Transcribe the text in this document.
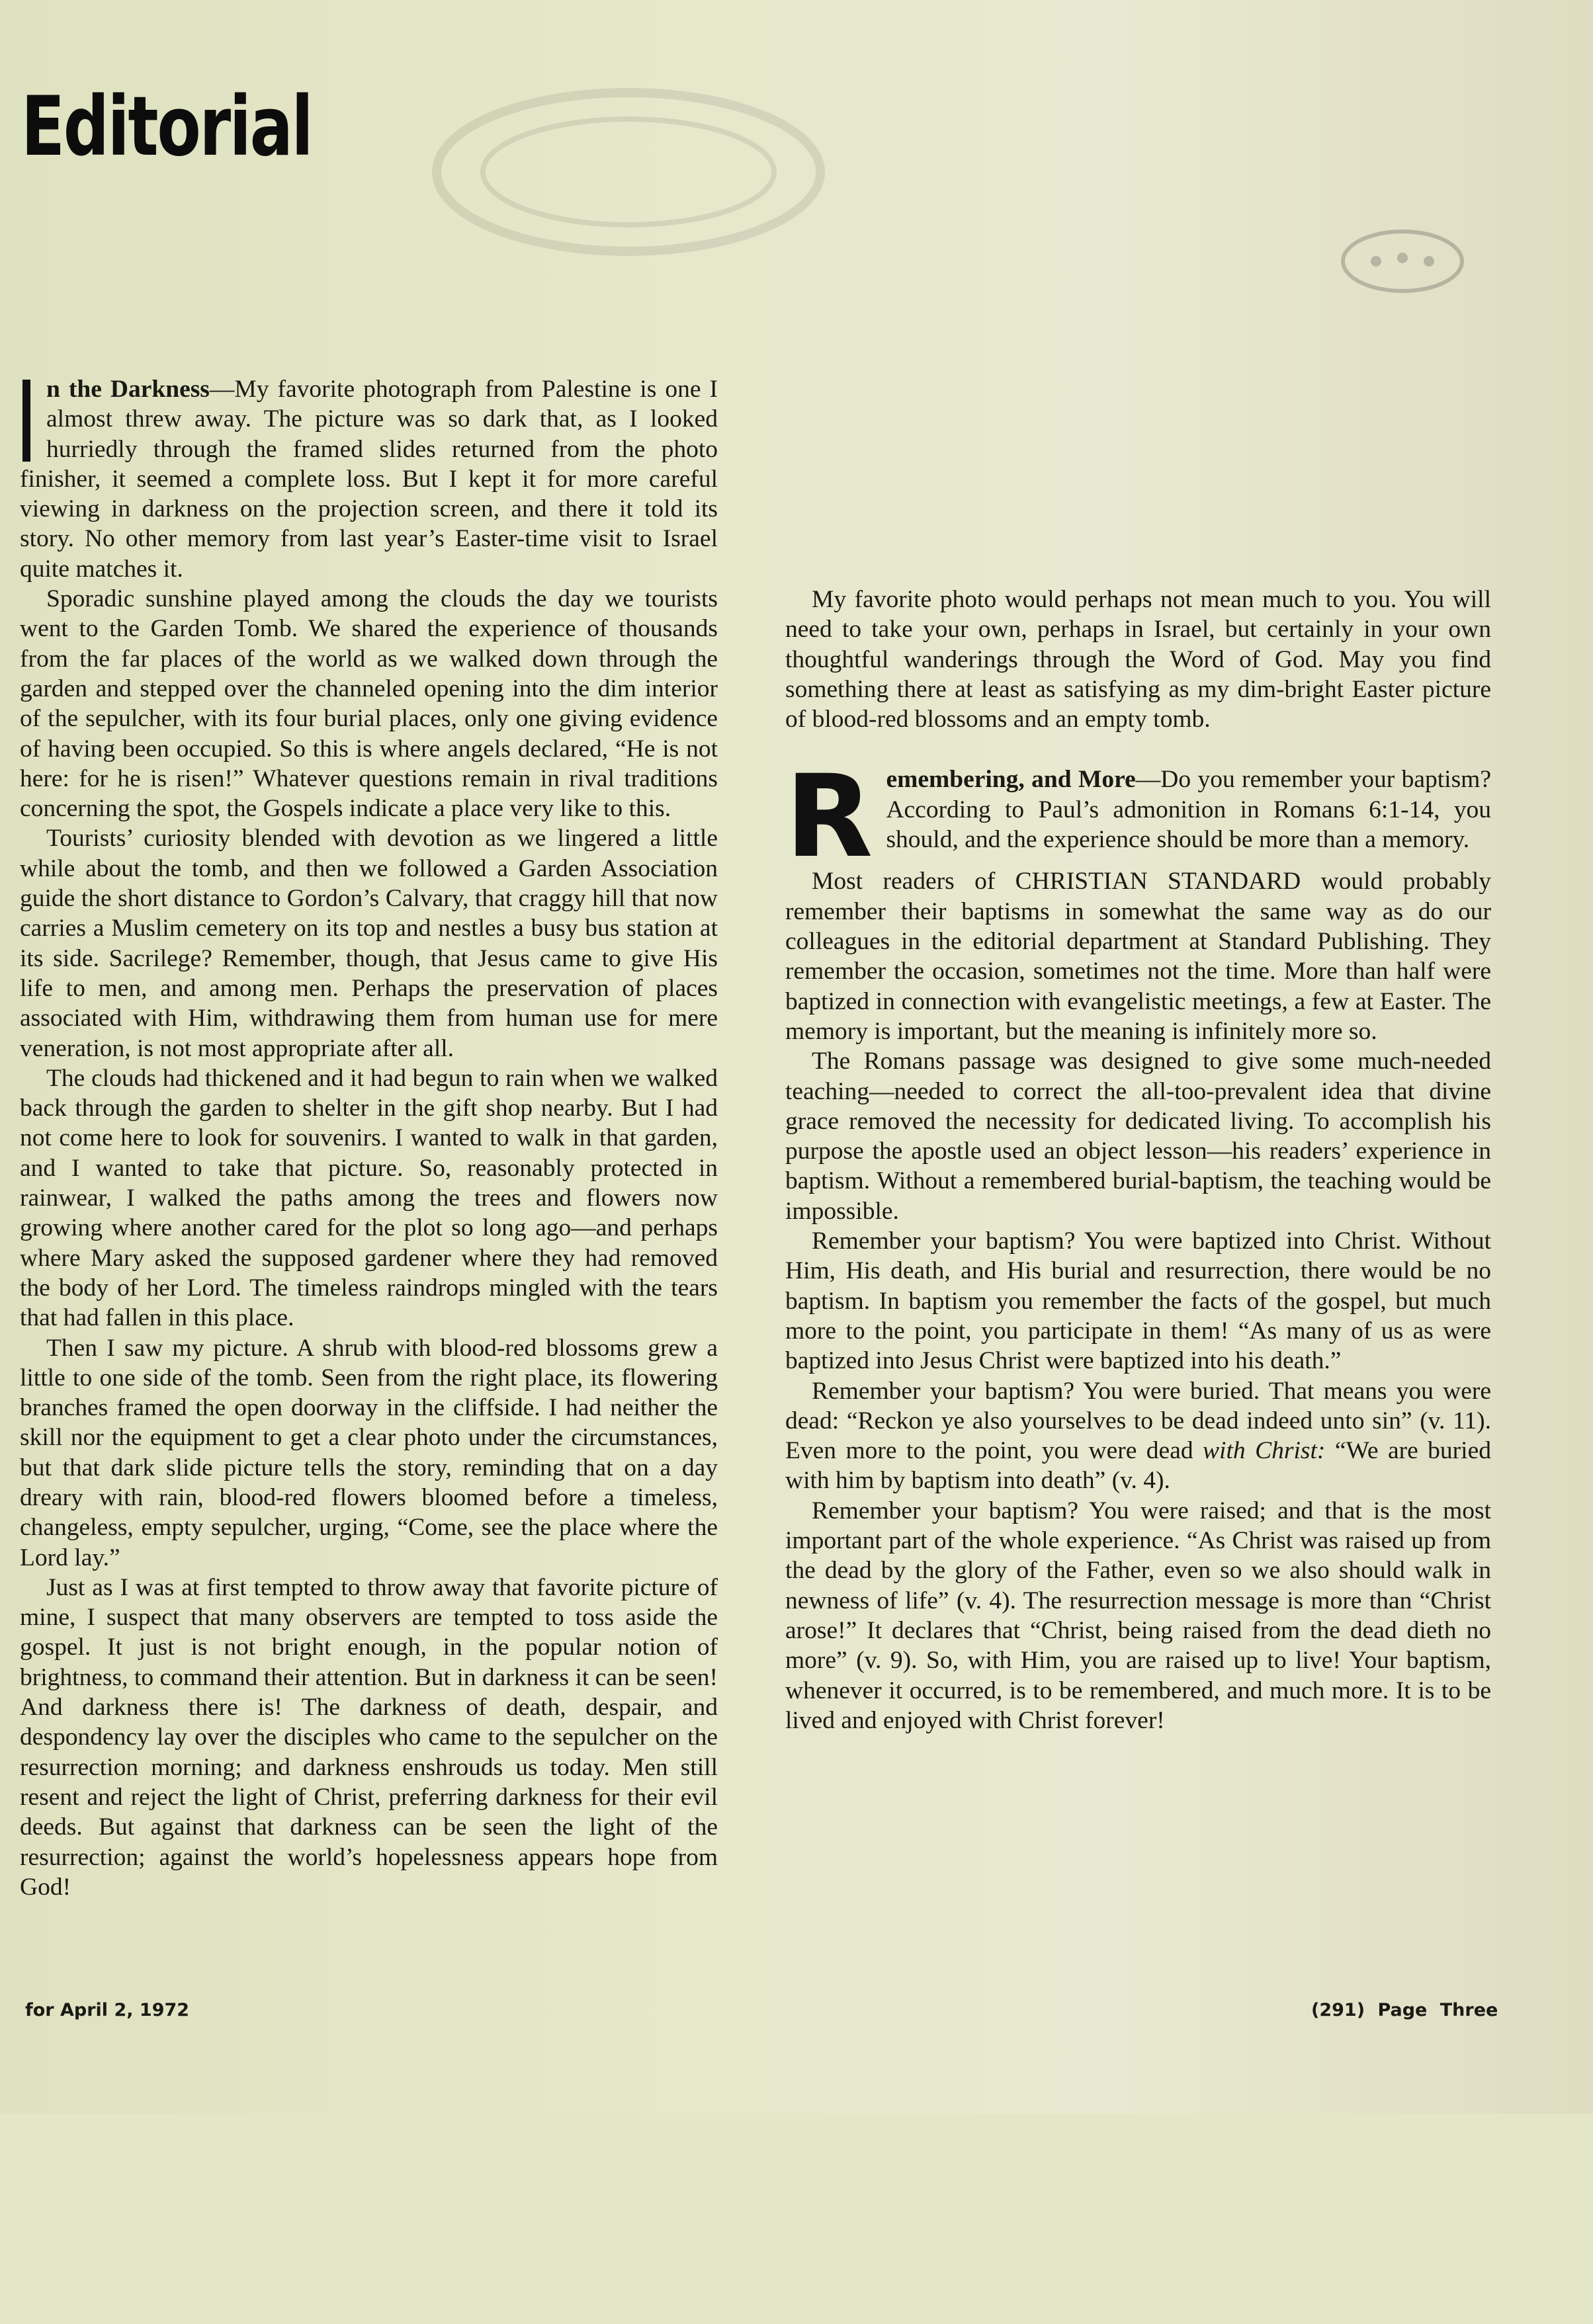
Editorial

n the Darkness—My favorite photograph from Palestine is one I almost threw away. The picture was so dark that, as I looked hurriedly through the framed slides returned from the photo finisher, it seemed a complete loss. But I kept it for more careful viewing in darkness on the projection screen, and there it told its story. No other memory from last year’s Easter-time visit to Israel quite matches it.

Sporadic sunshine played among the clouds the day we tourists went to the Garden Tomb. We shared the experience of thousands from the far places of the world as we walked down through the garden and stepped over the channeled opening into the dim interior of the sepulcher, with its four burial places, only one giving evidence of having been occupied. So this is where angels declared, “He is not here: for he is risen!” Whatever questions remain in rival traditions concerning the spot, the Gospels indicate a place very like to this.

Tourists’ curiosity blended with devotion as we lingered a little while about the tomb, and then we followed a Garden Association guide the short distance to Gordon’s Calvary, that craggy hill that now carries a Muslim cemetery on its top and nestles a busy bus station at its side. Sacrilege? Remember, though, that Jesus came to give His life to men, and among men. Perhaps the preservation of places associated with Him, withdrawing them from human use for mere veneration, is not most appropriate after all.

The clouds had thickened and it had begun to rain when we walked back through the garden to shelter in the gift shop nearby. But I had not come here to look for souvenirs. I wanted to walk in that garden, and I wanted to take that picture. So, reasonably protected in rainwear, I walked the paths among the trees and flowers now growing where another cared for the plot so long ago—and perhaps where Mary asked the supposed gardener where they had removed the body of her Lord. The timeless raindrops mingled with the tears that had fallen in this place.

Then I saw my picture. A shrub with blood-red blossoms grew a little to one side of the tomb. Seen from the right place, its flowering branches framed the open doorway in the cliffside. I had neither the skill nor the equipment to get a clear photo under the circumstances, but that dark slide picture tells the story, reminding that on a day dreary with rain, blood-red flowers bloomed before a timeless, changeless, empty sepulcher, urging, “Come, see the place where the Lord lay.”

Just as I was at first tempted to throw away that favorite picture of mine, I suspect that many observers are tempted to toss aside the gospel. It just is not bright enough, in the popular notion of brightness, to command their attention. But in darkness it can be seen! And darkness there is! The darkness of death, despair, and despondency lay over the disciples who came to the sepulcher on the resurrection morning; and darkness enshrouds us today. Men still resent and reject the light of Christ, preferring darkness for their evil deeds. But against that darkness can be seen the light of the resurrection; against the world’s hopelessness appears hope from God!

My favorite photo would perhaps not mean much to you. You will need to take your own, perhaps in Israel, but certainly in your own thoughtful wanderings through the Word of God. May you find something there at least as satisfying as my dim-bright Easter picture of blood-red blossoms and an empty tomb.

Remembering, and More—Do you remember your baptism? According to Paul’s admonition in Romans 6:1-14, you should, and the experience should be more than a memory.

Most readers of CHRISTIAN STANDARD would probably remember their baptisms in somewhat the same way as do our colleagues in the editorial department at Standard Publishing. They remember the occasion, sometimes not the time. More than half were baptized in connection with evangelistic meetings, a few at Easter. The memory is important, but the meaning is infinitely more so.

The Romans passage was designed to give some much-needed teaching—needed to correct the all-too-prevalent idea that divine grace removed the necessity for dedicated living. To accomplish his purpose the apostle used an object lesson—his readers’ experience in baptism. Without a remembered burial-baptism, the teaching would be impossible.

Remember your baptism? You were baptized into Christ. Without Him, His death, and His burial and resurrection, there would be no baptism. In baptism you remember the facts of the gospel, but much more to the point, you participate in them! “As many of us as were baptized into Jesus Christ were baptized into his death.”

Remember your baptism? You were buried. That means you were dead: “Reckon ye also yourselves to be dead indeed unto sin” (v. 11). Even more to the point, you were dead with Christ: “We are buried with him by baptism into death” (v. 4).

Remember your baptism? You were raised; and that is the most important part of the whole experience. “As Christ was raised up from the dead by the glory of the Father, even so we also should walk in newness of life” (v. 4). The resurrection message is more than “Christ arose!” It declares that “Christ, being raised from the dead dieth no more” (v. 9). So, with Him, you are raised up to live! Your baptism, whenever it occurred, is to be remembered, and much more. It is to be lived and enjoyed with Christ forever!

for April 2, 1972	(291) Page Three
